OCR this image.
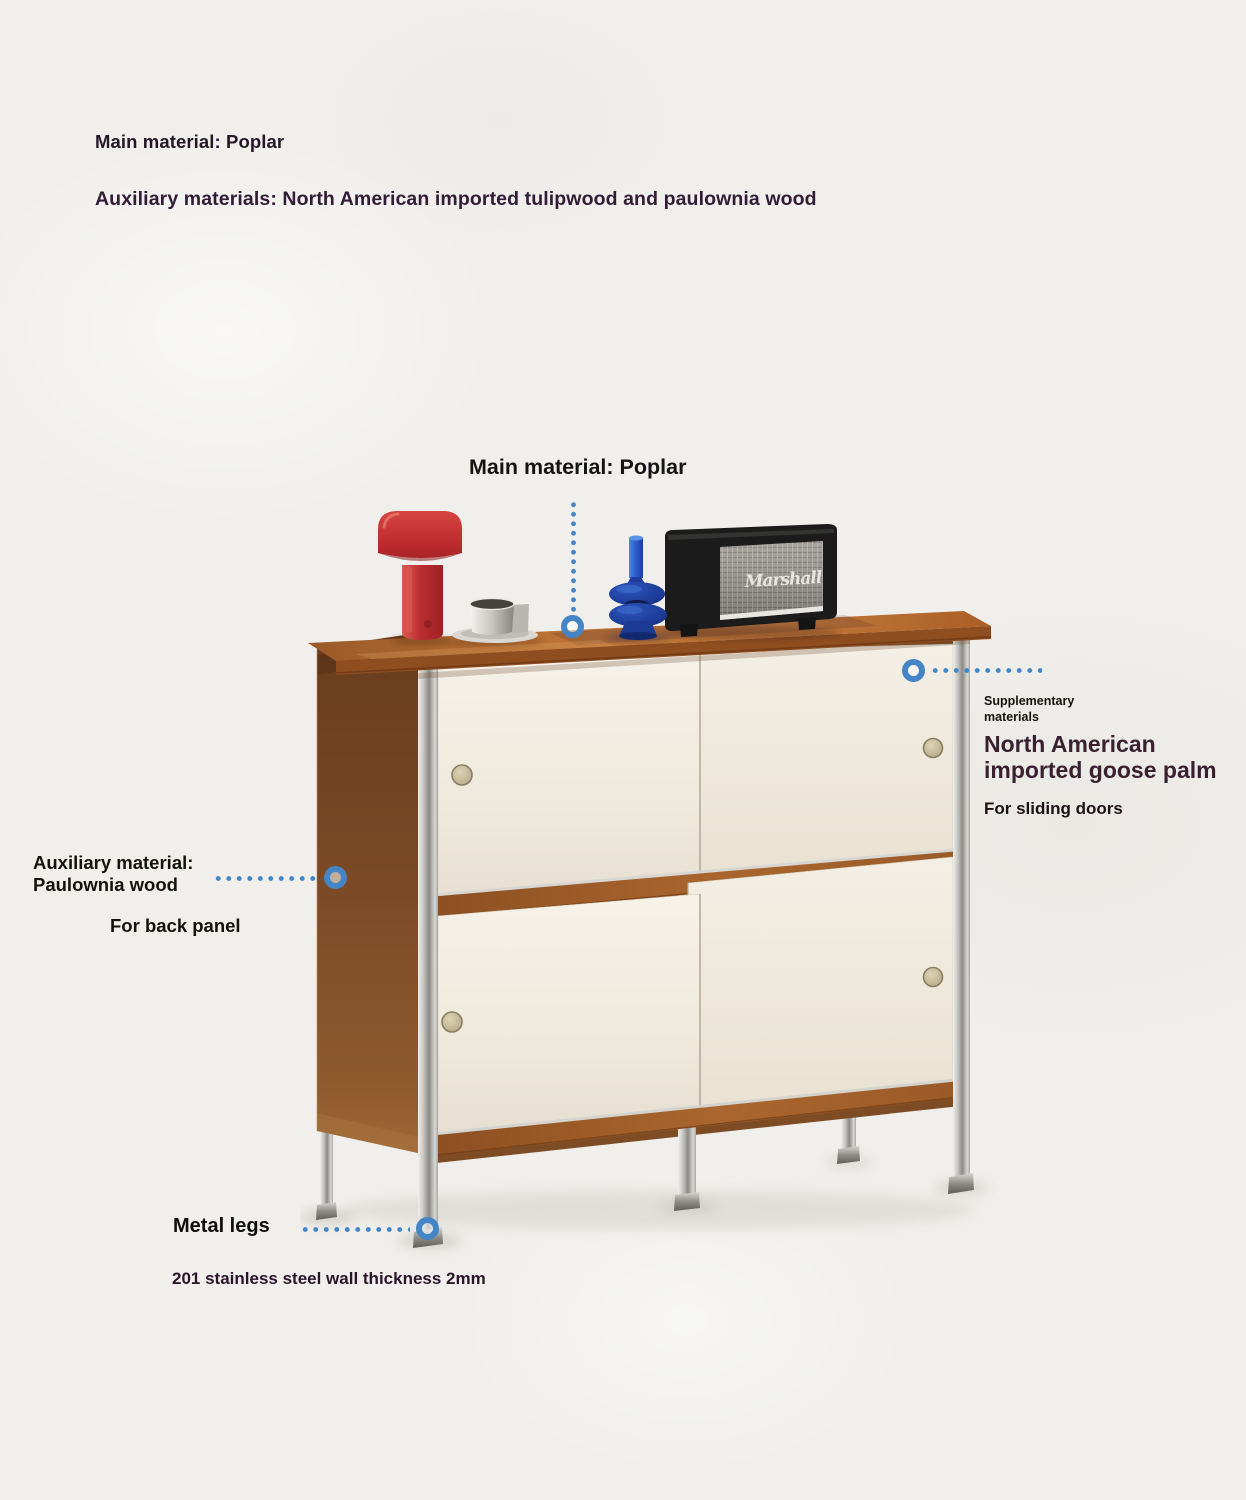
Main material: Poplar
Auxiliary materials: North American imported tulipwood and paulownia wood
Marshall
Main material: Poplar
Supplementary materials
North American imported goose palm
For sliding doors
Auxiliary material: Paulownia wood
For back panel
Metal legs
201 stainless steel wall thickness 2mm
